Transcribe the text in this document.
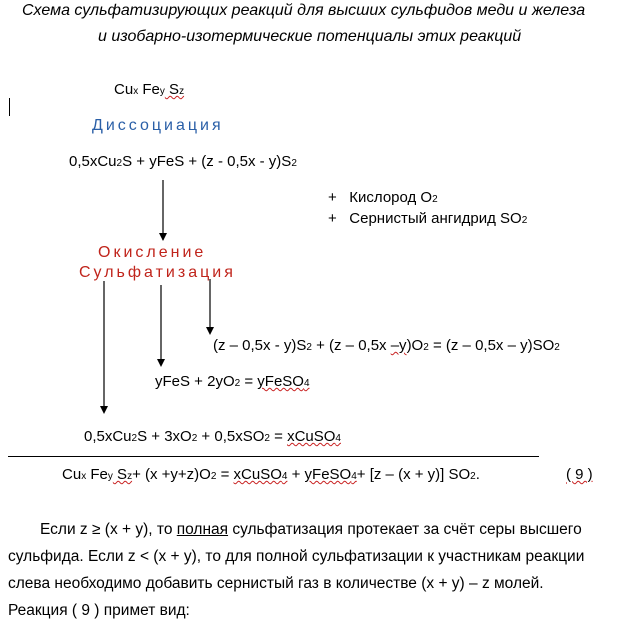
Схема сульфатизирующих реакций для высших сульфидов меди и железа
и изобарно-изотермические потенциалы этих реакций
Cux Fey Sz
Диссоциация
0,5xCu2S + yFeS + (z - 0,5x - y)S2
+ Кислород O2
+ Сернистый ангидрид SO2
Окисление
Сульфатизация
(z – 0,5x - y)S2 + (z – 0,5x –y)O2 = (z – 0,5x – y)SO2
yFeS + 2yO2 = yFeSO4
0,5xCu2S + 3xO2 + 0,5xSO2 = xCuSO4
Cux Fey Sz+ (x +y+z)O2 = xCuSO4 + yFeSO4+ [z – (x + y)] SO2.	( 9 )
Если z ≥ (x + y), то полная сульфатизация протекает за счёт серы высшего
сульфида. Если z < (x + y), то для полной сульфатизации к участникам реакции
слева необходимо добавить сернистый газ в количестве (x + y) – z молей.
Реакция ( 9 ) примет вид:
